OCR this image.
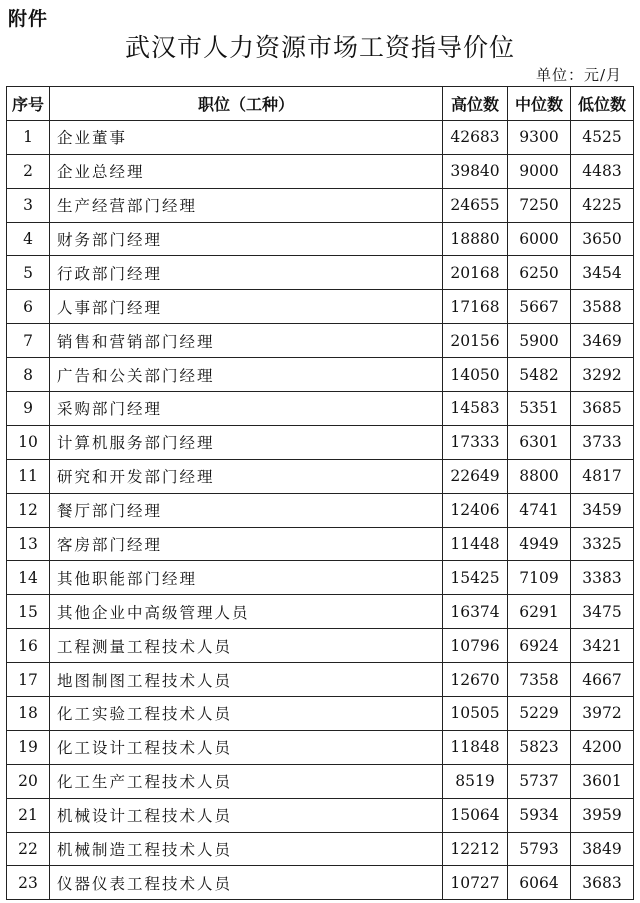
附件
武汉市人力资源市场工资指导价位
单位：元/月
序号	职位（工种）	高位数	中位数	低位数
1	企业董事	42683	9300	4525
2	企业总经理	39840	9000	4483
3	生产经营部门经理	24655	7250	4225
4	财务部门经理	18880	6000	3650
5	行政部门经理	20168	6250	3454
6	人事部门经理	17168	5667	3588
7	销售和营销部门经理	20156	5900	3469
8	广告和公关部门经理	14050	5482	3292
9	采购部门经理	14583	5351	3685
10	计算机服务部门经理	17333	6301	3733
11	研究和开发部门经理	22649	8800	4817
12	餐厅部门经理	12406	4741	3459
13	客房部门经理	11448	4949	3325
14	其他职能部门经理	15425	7109	3383
15	其他企业中高级管理人员	16374	6291	3475
16	工程测量工程技术人员	10796	6924	3421
17	地图制图工程技术人员	12670	7358	4667
18	化工实验工程技术人员	10505	5229	3972
19	化工设计工程技术人员	11848	5823	4200
20	化工生产工程技术人员	8519	5737	3601
21	机械设计工程技术人员	15064	5934	3959
22	机械制造工程技术人员	12212	5793	3849
23	仪器仪表工程技术人员	10727	6064	3683
